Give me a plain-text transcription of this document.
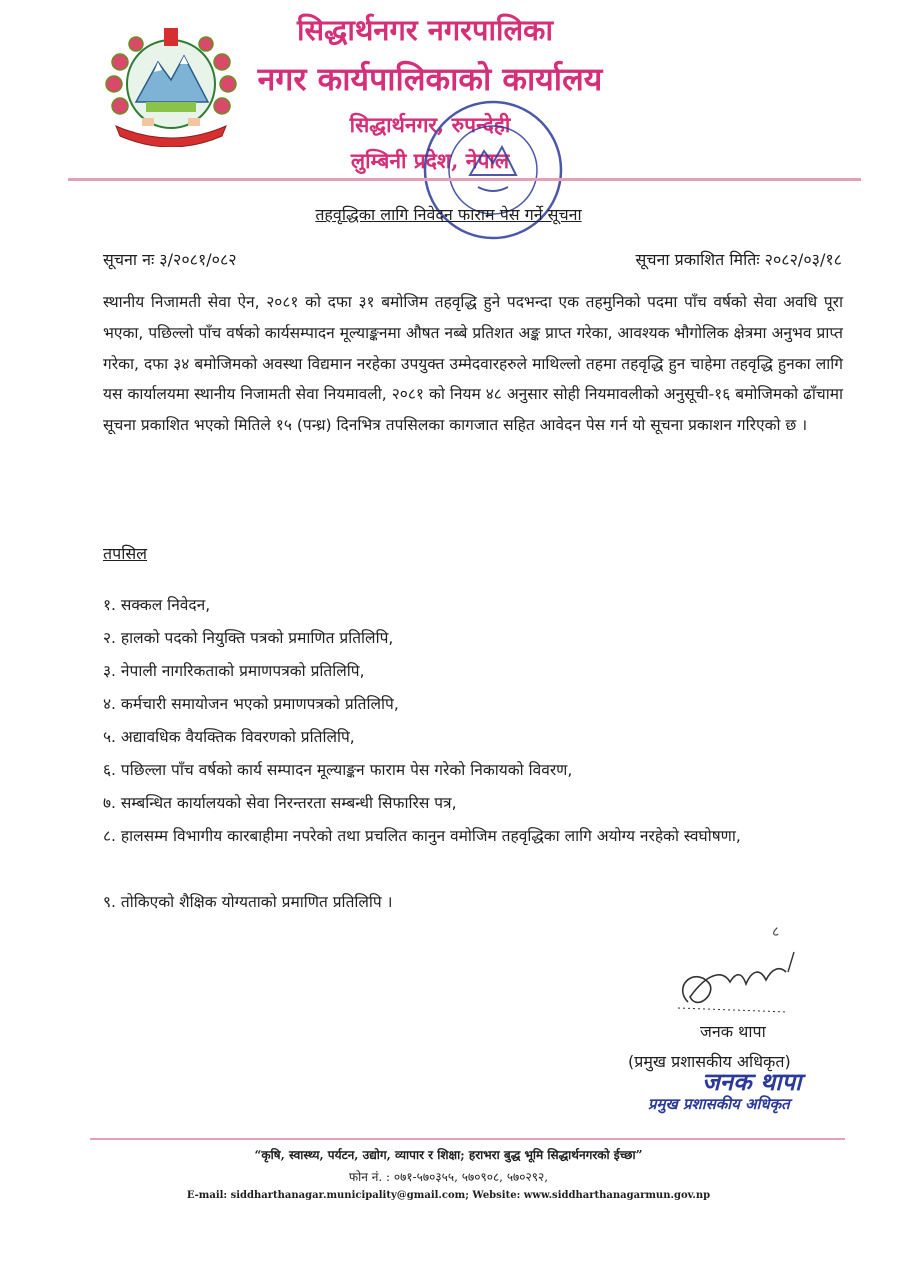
सिद्धार्थनगर नगरपालिका
नगर कार्यपालिकाको कार्यालय
सिद्धार्थनगर, रुपन्देही
लुम्बिनी प्रदेश, नेपाल
तहवृद्धिका लागि निवेदन फाराम पेस गर्ने सूचना
सूचना नः ३/२०८१/०८२	सूचना प्रकाशित मितिः २०८२/०३/१८

स्थानीय निजामती सेवा ऐन, २०८१ को दफा ३१ बमोजिम तहवृद्धि हुने पदभन्दा एक तहमुनिको पदमा पाँच वर्षको सेवा अवधि पूरा भएका, पछिल्लो पाँच वर्षको कार्यसम्पादन मूल्याङ्कनमा औषत नब्बे प्रतिशत अङ्क प्राप्त गरेका, आवश्यक भौगोलिक क्षेत्रमा अनुभव प्राप्त गरेका, दफा ३४ बमोजिमको अवस्था विद्यमान नरहेका उपयुक्त उम्मेदवारहरुले माथिल्लो तहमा तहवृद्धि हुन चाहेमा तहवृद्धि हुनका लागि यस कार्यालयमा स्थानीय निजामती सेवा नियमावली, २०८१ को नियम ४८ अनुसार सोही नियमावलीको अनुसूची-१६ बमोजिमको ढाँचामा सूचना प्रकाशित भएको मितिले १५ (पन्ध्र) दिनभित्र तपसिलका कागजात सहित आवेदन पेस गर्न यो सूचना प्रकाशन गरिएको छ ।

तपसिल
१. सक्कल निवेदन,
२. हालको पदको नियुक्ति पत्रको प्रमाणित प्रतिलिपि,
३. नेपाली नागरिकताको प्रमाणपत्रको प्रतिलिपि,
४. कर्मचारी समायोजन भएको प्रमाणपत्रको प्रतिलिपि,
५. अद्यावधिक वैयक्तिक विवरणको प्रतिलिपि,
६. पछिल्ला पाँच वर्षको कार्य सम्पादन मूल्याङ्कन फाराम पेस गरेको निकायको विवरण,
७. सम्बन्धित कार्यालयको सेवा निरन्तरता सम्बन्धी सिफारिस पत्र,
८. हालसम्म विभागीय कारबाहीमा नपरेको तथा प्रचलित कानुन वमोजिम तहवृद्धिका लागि अयोग्य नरहेको स्वघोषणा,
९. तोकिएको शैक्षिक योग्यताको प्रमाणित प्रतिलिपि ।
८
जनक थापा
(प्रमुख प्रशासकीय अधिकृत)
जनक थापा
प्रमुख प्रशासकीय अधिकृत
“कृषि, स्वास्थ्य, पर्यटन, उद्योग, व्यापार र शिक्षा; हराभरा बुद्ध भूमि सिद्धार्थनगरको ईच्छा”
फोन नं. : ०७१-५७०३५५, ५७०९०८, ५७०२९२,
E-mail: siddharthanagar.municipality@gmail.com; Website: www.siddharthanagarmun.gov.np
